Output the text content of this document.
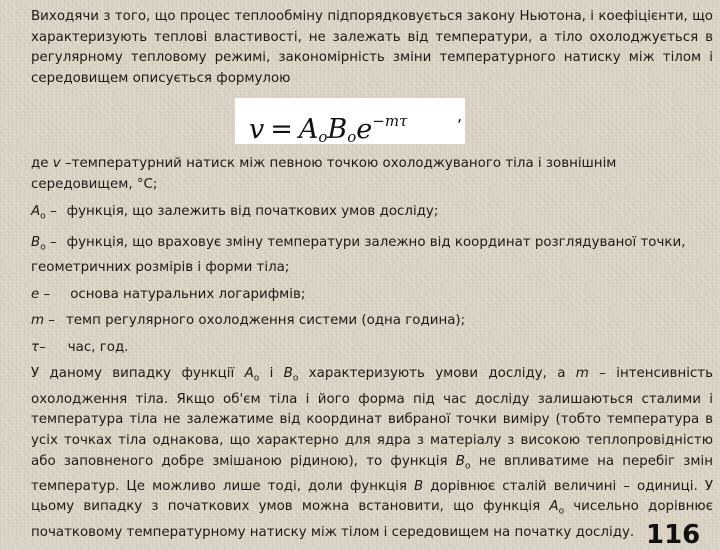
Виходячи з того, що процес теплообміну підпорядковується закону Ньютона, і коефіцієнти, що характеризують теплові властивості, не залежать від температури, а тіло охолоджується в регулярному тепловому режимі, закономірність зміни температурного натиску між тілом і середовищем описується формулою

$v = A_oB_oe^{-m\tau}$	,

де v –температурний натиск між певною точкою охолоджуваного тіла і зовнішнім середовищем, °С;

$A_o$ – функція, що залежить від початкових умов досліду;

$B_o$ – функція, що враховує зміну температури залежно від координат розглядуваної точки, геометричних розмірів і форми тіла;

e – основа натуральних логарифмів;

m – темп регулярного охолодження системи (одна година);

τ– час, год.

У даному випадку функції $A_o$ і $B_o$ характеризують умови досліду, а m – інтенсивність охолодження тіла. Якщо об'єм тіла і його форма під час досліду залишаються сталими і температура тіла не залежатиме від координат вибраної точки виміру (тобто температура в усіх точках тіла однакова, що характерно для ядра з матеріалу з високою теплопровідністю або заповненого добре змішаною рідиною), то функція $B_o$ не впливатиме на перебіг змін температур. Це можливо лише тоді, доли функція B дорівнює сталій величині – одиниці. У цьому випадку з початкових умов можна встановити, що функція $A_o$ чисельно дорівнює початковому температурному натиску між тілом і середовищем на початку досліду. 116
